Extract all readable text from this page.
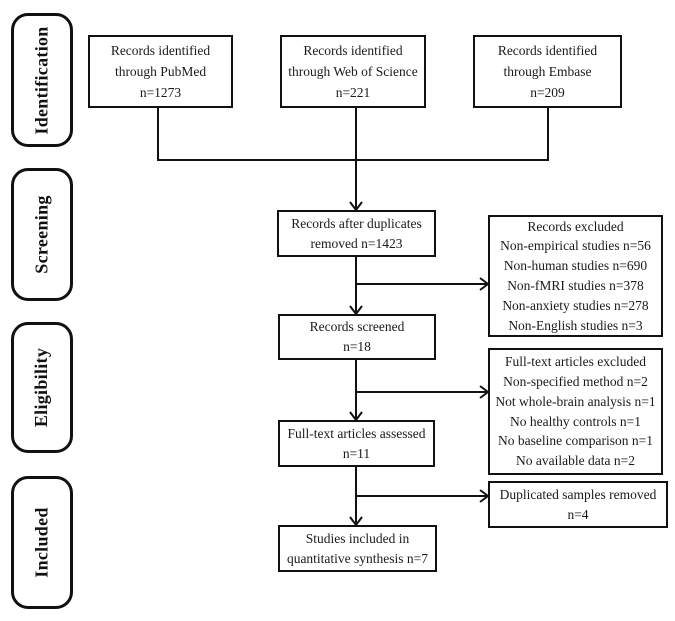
Identification
Screening
Eligibility
Included
Records identified
through PubMed
n=1273
Records identified
through Web of Science
n=221
Records identified
through Embase
n=209
Records after duplicates
removed n=1423
Records screened
n=18
Full-text articles assessed
n=11
Studies included in
quantitative synthesis n=7
Records excluded
Non-empirical studies n=56
Non-human studies n=690
Non-fMRI studies n=378
Non-anxiety studies n=278
Non-English studies n=3
Full-text articles excluded
Non-specified method n=2
Not whole-brain analysis n=1
No healthy controls n=1
No baseline comparison n=1
No available data n=2
Duplicated samples removed
n=4
